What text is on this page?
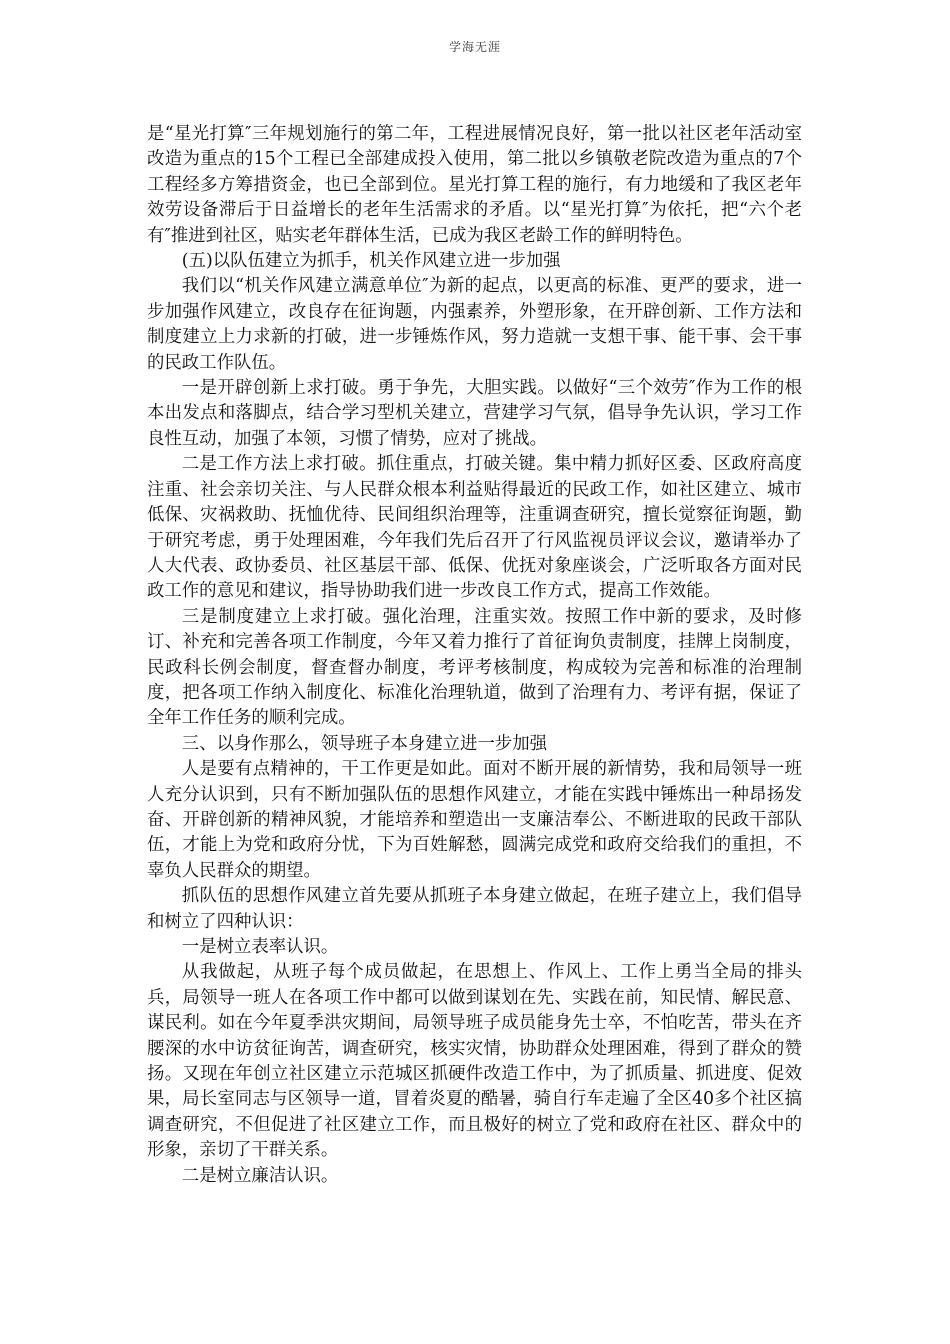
学海无涯

是“星光打算″三年规划施行的第二年，工程进展情况良好，第一批以社区老年活动室改造为重点的15个工程已全部建成投入使用，第二批以乡镇敬老院改造为重点的7个工程经多方筹措资金，也已全部到位。星光打算工程的施行，有力地缓和了我区老年效劳设备滞后于日益增长的老年生活需求的矛盾。以“星光打算″为依托，把“六个老有″推进到社区，贴实老年群体生活，已成为我区老龄工作的鲜明特色。

(五)以队伍建立为抓手，机关作风建立进一步加强

我们以“机关作风建立满意单位″为新的起点，以更高的标准、更严的要求，进一步加强作风建立，改良存在征询题，内强素养，外塑形象，在开辟创新、工作方法和制度建立上力求新的打破，进一步锤炼作风，努力造就一支想干事、能干事、会干事的民政工作队伍。

一是开辟创新上求打破。勇于争先，大胆实践。以做好“三个效劳″作为工作的根本出发点和落脚点，结合学习型机关建立，营建学习气氛，倡导争先认识，学习工作良性互动，加强了本领，习惯了情势，应对了挑战。

二是工作方法上求打破。抓住重点，打破关键。集中精力抓好区委、区政府高度注重、社会亲切关注、与人民群众根本利益贴得最近的民政工作，如社区建立、城市低保、灾祸救助、抚恤优待、民间组织治理等，注重调查研究，擅长觉察征询题，勤于研究考虑，勇于处理困难，今年我们先后召开了行风监视员评议会议，邀请举办了人大代表、政协委员、社区基层干部、低保、优抚对象座谈会，广泛听取各方面对民政工作的意见和建议，指导协助我们进一步改良工作方式，提高工作效能。

三是制度建立上求打破。强化治理，注重实效。按照工作中新的要求，及时修订、补充和完善各项工作制度，今年又着力推行了首征询负责制度，挂牌上岗制度，民政科长例会制度，督查督办制度，考评考核制度，构成较为完善和标准的治理制度，把各项工作纳入制度化、标准化治理轨道，做到了治理有力、考评有据，保证了全年工作任务的顺利完成。

三、以身作那么，领导班子本身建立进一步加强

人是要有点精神的，干工作更是如此。面对不断开展的新情势，我和局领导一班人充分认识到，只有不断加强队伍的思想作风建立，才能在实践中锤炼出一种昂扬发奋、开辟创新的精神风貌，才能培养和塑造出一支廉洁奉公、不断进取的民政干部队伍，才能上为党和政府分忧，下为百姓解愁，圆满完成党和政府交给我们的重担，不辜负人民群众的期望。

抓队伍的思想作风建立首先要从抓班子本身建立做起，在班子建立上，我们倡导和树立了四种认识：

一是树立表率认识。

从我做起，从班子每个成员做起，在思想上、作风上、工作上勇当全局的排头兵，局领导一班人在各项工作中都可以做到谋划在先、实践在前，知民情、解民意、谋民利。如在今年夏季洪灾期间，局领导班子成员能身先士卒，不怕吃苦，带头在齐腰深的水中访贫征询苦，调查研究，核实灾情，协助群众处理困难，得到了群众的赞扬。又现在年创立社区建立示范城区抓硬件改造工作中，为了抓质量、抓进度、促效果，局长室同志与区领导一道，冒着炎夏的酷暑，骑自行车走遍了全区40多个社区搞调查研究，不但促进了社区建立工作，而且极好的树立了党和政府在社区、群众中的形象，亲切了干群关系。

二是树立廉洁认识。
